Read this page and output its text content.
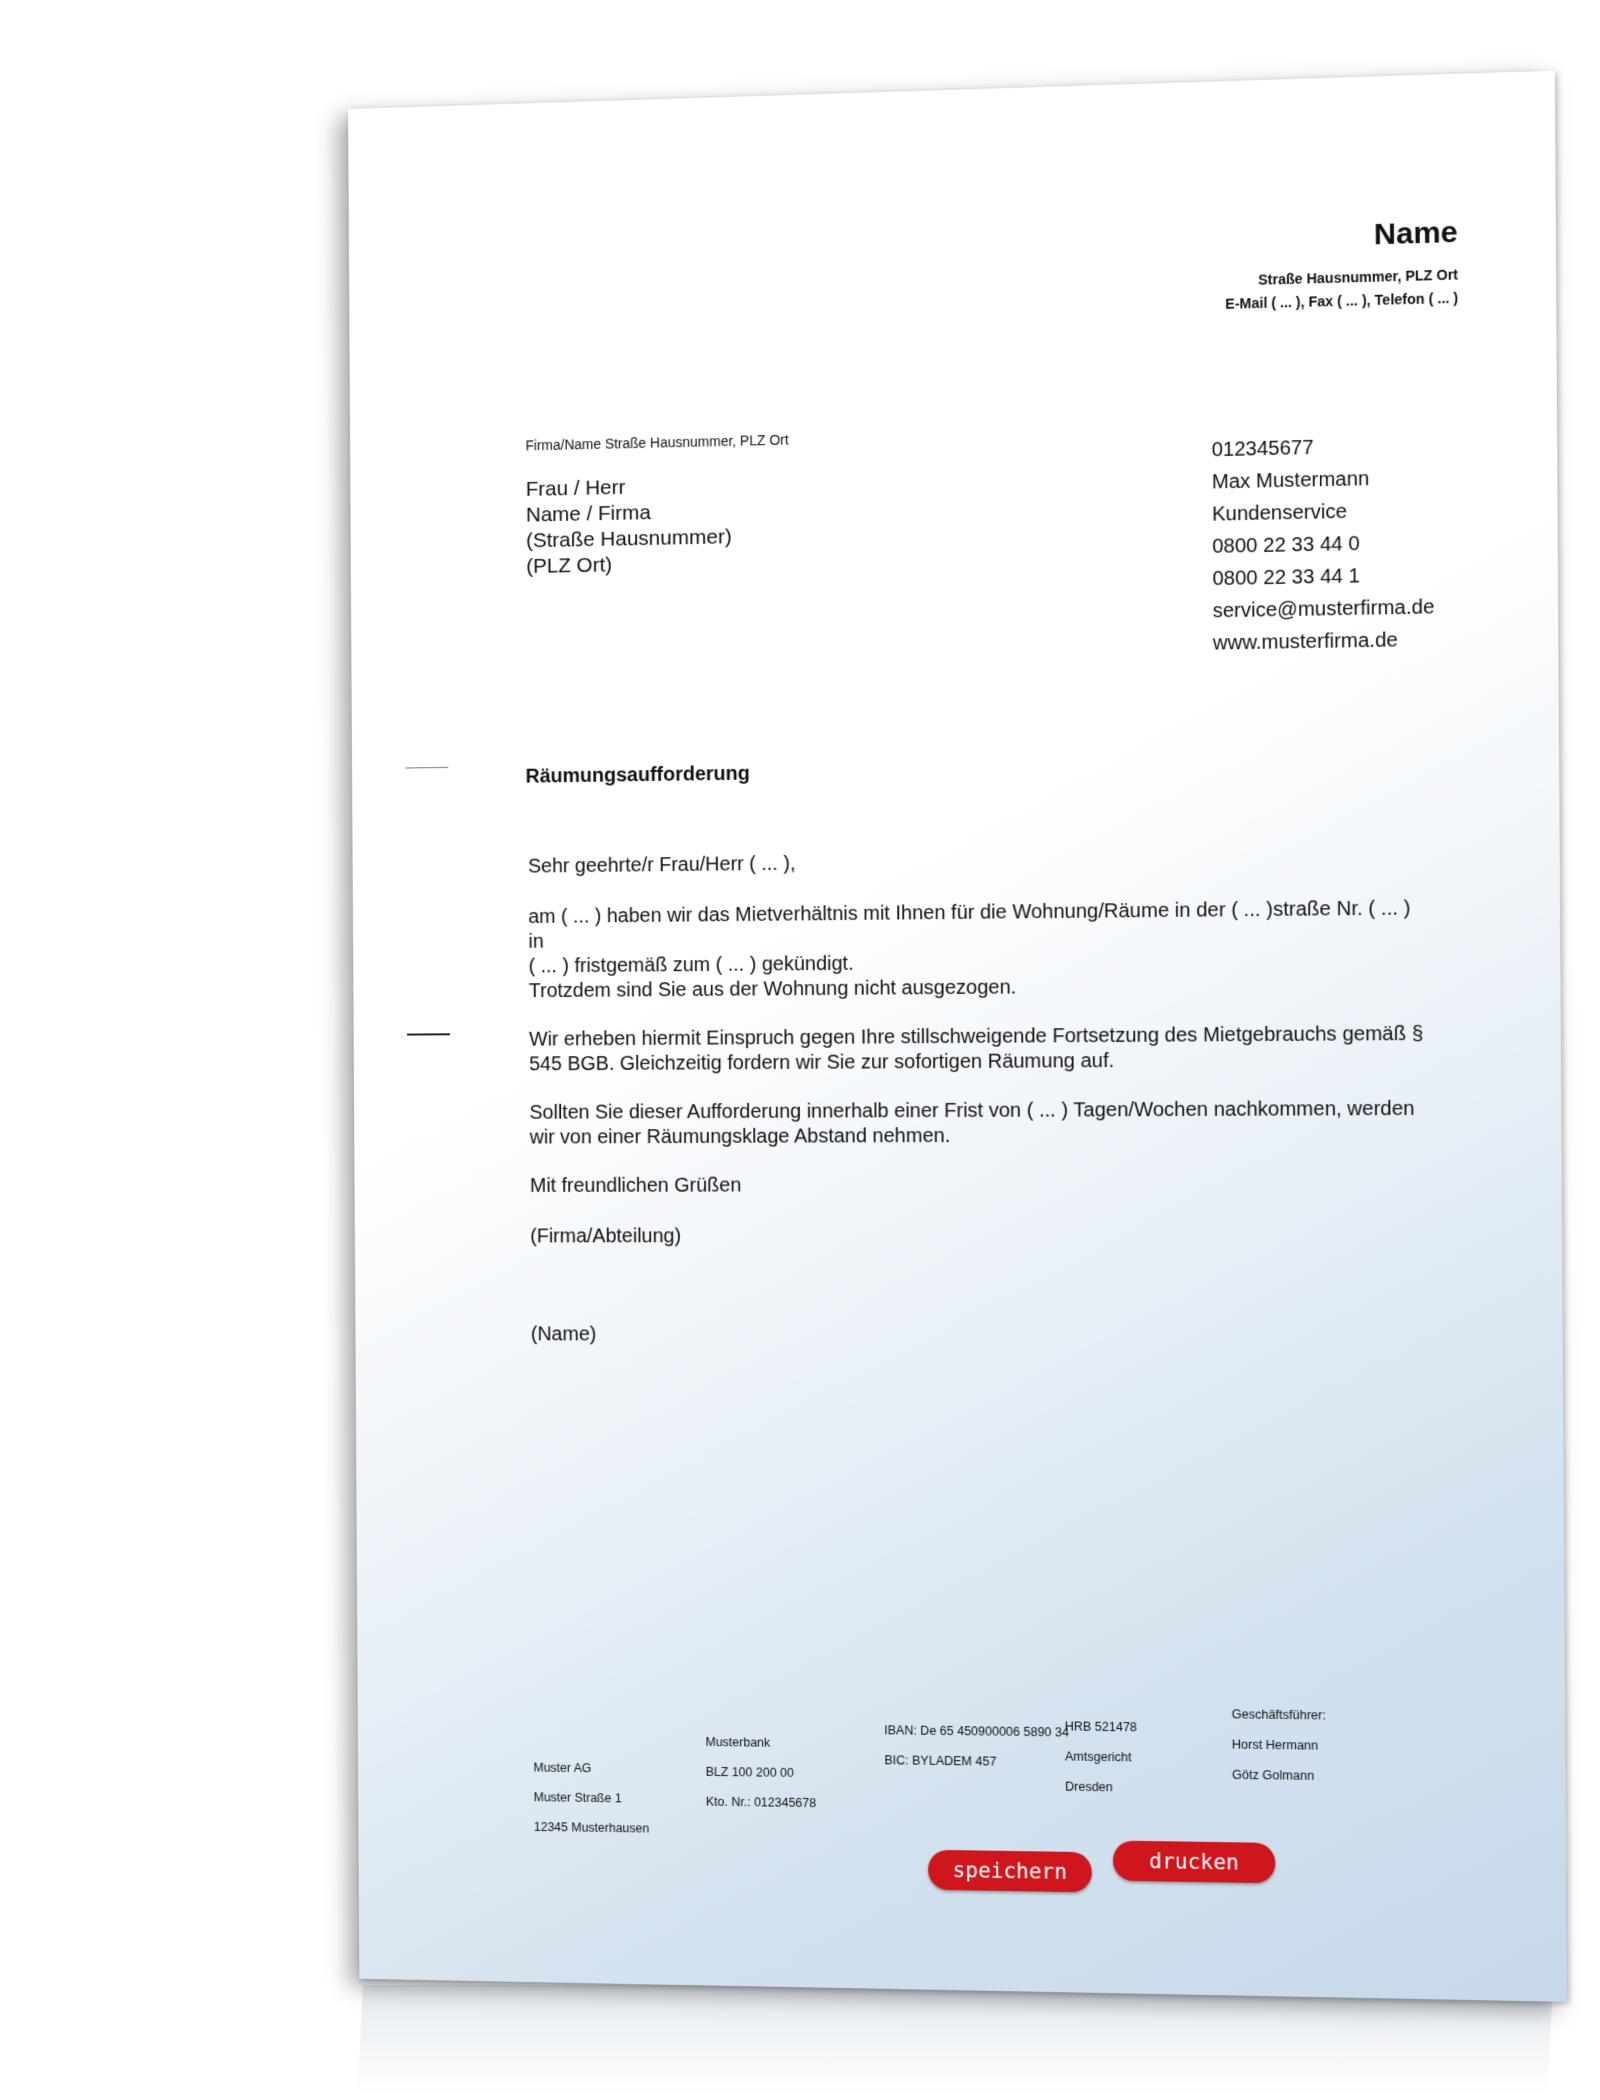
Name
Straße Hausnummer, PLZ Ort
E-Mail ( ... ), Fax ( ... ), Telefon ( ... )
Firma/Name Straße Hausnummer, PLZ Ort
Frau / Herr
Name / Firma
(Straße Hausnummer)
(PLZ Ort)
012345677
Max Mustermann
Kundenservice
0800 22 33 44 0
0800 22 33 44 1
service@musterfirma.de
www.musterfirma.de
Räumungsaufforderung

Sehr geehrte/r Frau/Herr ( ... ),

am ( ... ) haben wir das Mietverhältnis mit Ihnen für die Wohnung/Räume in der ( ... )straße Nr. ( ... ) in
( ... ) fristgemäß zum ( ... ) gekündigt.
Trotzdem sind Sie aus der Wohnung nicht ausgezogen.

Wir erheben hiermit Einspruch gegen Ihre stillschweigende Fortsetzung des Mietgebrauchs gemäß §
545 BGB. Gleichzeitig fordern wir Sie zur sofortigen Räumung auf.

Sollten Sie dieser Aufforderung innerhalb einer Frist von ( ... ) Tagen/Wochen nachkommen, werden
wir von einer Räumungsklage Abstand nehmen.

Mit freundlichen Grüßen

(Firma/Abteilung)

(Name)

Muster AG
Muster Straße 1
12345 Musterhausen
Musterbank
BLZ 100 200 00
Kto. Nr.: 012345678
IBAN: De 65 450900006 5890 34
BIC: BYLADEM 457
HRB 521478
Amtsgericht
Dresden
Geschäftsführer:
Horst Hermann
Götz Golmann
speichern	drucken
